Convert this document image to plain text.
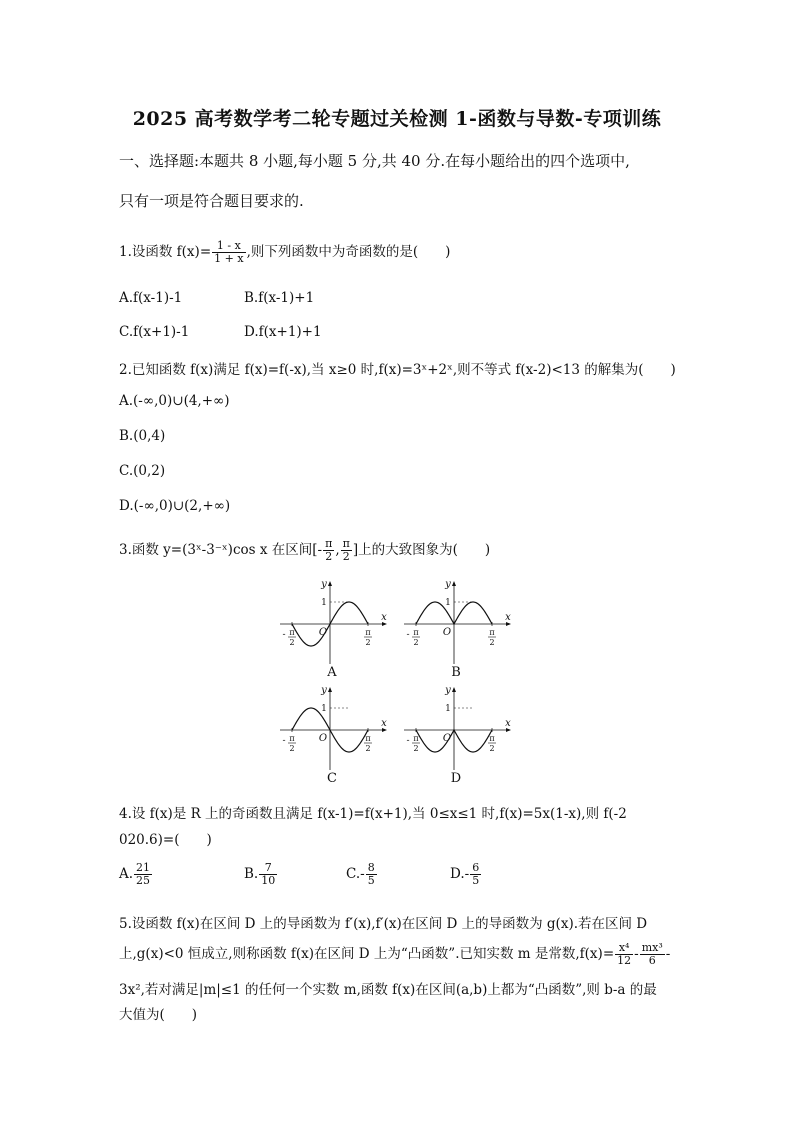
2025 高考数学考二轮专题过关检测 1-函数与导数-专项训练
一、选择题:本题共 8 小题,每小题 5 分,共 40 分.在每小题给出的四个选项中,
只有一项是符合题目要求的.
1.设函数 $f(x)= \frac{1 - x}{1 + x}$ ,则下列函数中为奇函数的是(　　)
A.f(x-1)-1	B.f(x-1)+1
C.f(x+1)-1	D.f(x+1)+1
2.已知函数 f(x)满足 f(x)=f(-x),当 x≥0 时,f(x)=3ˣ+2ˣ,则不等式 f(x-2)<13 的解集为(　　)
A.(-∞,0)∪(4,+∞)
B.(0,4)
C.(0,2)
D.(-∞,0)∪(2,+∞)
3.函数 y=(3ˣ-3⁻ˣ)cos x 在区间[- $\frac{\pi}{2}$ , $\frac{\pi}{2}$ ]上的大致图象为(　　)
x
y
O
1
- π
2
π
2
x
y
O
1
- π
2
π
2
x
y
O
1
- π
2
π
2
x
y
O
1
- π
2
π
2
A	B
C	D
4.设 f(x)是 R 上的奇函数且满足 f(x-1)=f(x+1),当 0≤x≤1 时,f(x)=5x(1-x),则 f(-2
020.6)=(　　)
A. $\frac{21}{25}$	B. $\frac{7}{10}$	$C.- \frac{8}{5}$	$D.- \frac{6}{5}$
5.设函数 f(x)在区间 D 上的导函数为 f′(x),f′(x)在区间 D 上的导函数为 g(x).若在区间 D
上,g(x)<0 恒成立,则称函数 f(x)在区间 D 上为“凸函数”.已知实数 m 是常数$,f(x)= \frac{\text{x⁴}}{12} - \frac{\text{mx³}}{6}$ -
3x²,若对满足|m|≤1 的任何一个实数 m,函数 f(x)在区间(a,b)上都为“凸函数”,则 b-a 的最
大值为(　　)
